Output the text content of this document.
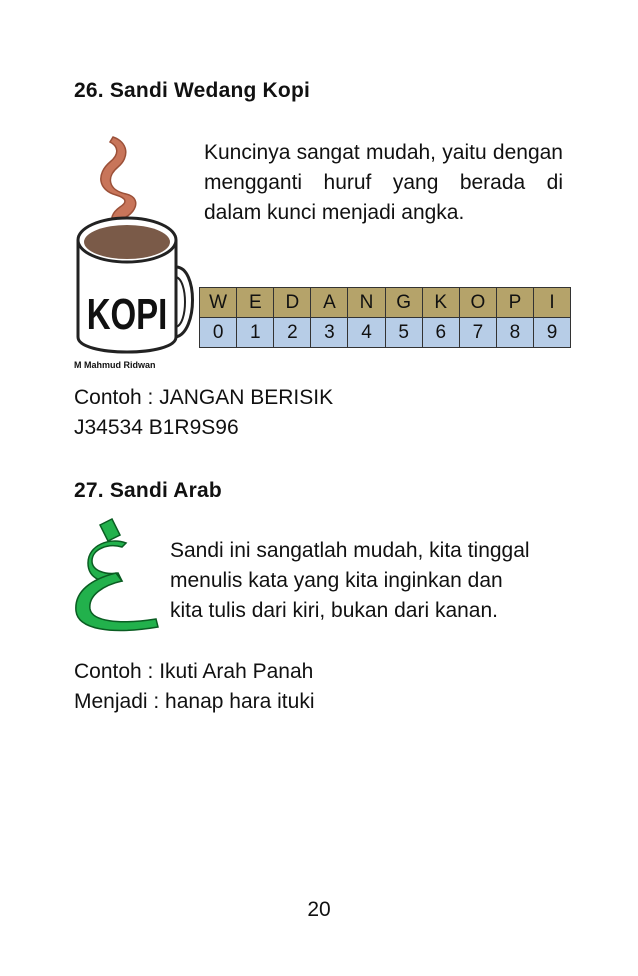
26. Sandi Wedang Kopi
KOPI
M Mahmud Ridwan
Kuncinya sangat mudah, yaitu dengan mengganti huruf yang berada di dalam kunci menjadi angka.
W	E	D	A	N	G	K	O	P	I
0	1	2	3	4	5	6	7	8	9
Contoh : JANGAN BERISIK
J34534 B1R9S96
27. Sandi Arab
Sandi ini sangatlah mudah, kita tinggal
menulis kata yang kita inginkan dan
kita tulis dari kiri, bukan dari kanan.
Contoh : Ikuti Arah Panah
Menjadi : hanap hara ituki
20
